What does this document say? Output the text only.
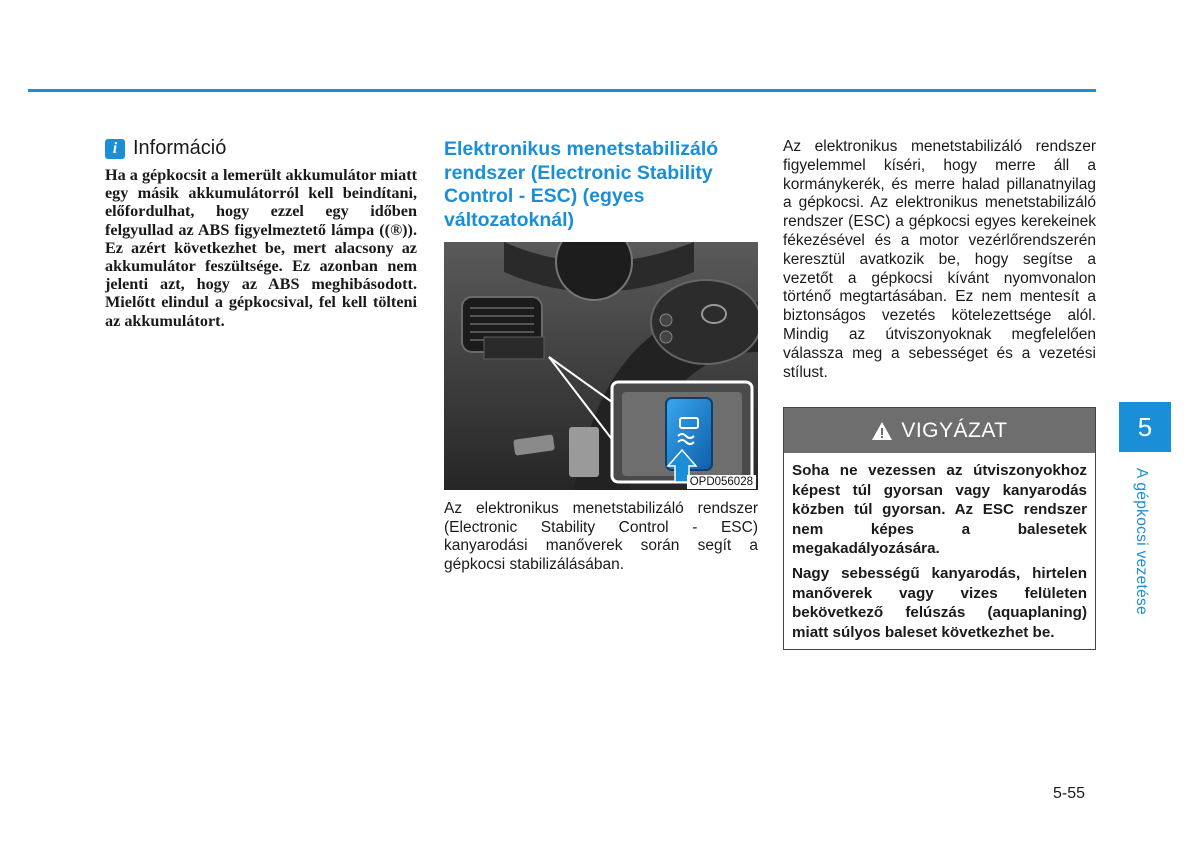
i Információ

Ha a gépkocsit a lemerült akkumulátor miatt egy másik akkumulátorról kell beindítani, előfordulhat, hogy ezzel egy időben felgyullad az ABS figyelmeztető lámpa ((®)). Ez azért következhet be, mert alacsony az akkumulátor feszültsége. Ez azonban nem jelenti azt, hogy az ABS meghibásodott. Mielőtt elindul a gépkocsival, fel kell tölteni az akkumulátort.

Elektronikus menetstabilizáló rendszer (Electronic Stability Control - ESC) (egyes változatoknál)
OPD056028

Az elektronikus menetstabilizáló rendszer (Electronic Stability Control - ESC) kanyarodási manőverek során segít a gépkocsi stabilizálásában.

Az elektronikus menetstabilizáló rendszer figyelemmel kíséri, hogy merre áll a kormánykerék, és merre halad pillanatnyilag a gépkocsi. Az elektronikus menetstabilizáló rendszer (ESC) a gépkocsi egyes kerekeinek fékezésével és a motor vezérlőrendszerén keresztül avatkozik be, hogy segítse a vezetőt a gépkocsi kívánt nyomvonalon történő megtartásában. Ez nem mentesít a biztonságos vezetés kötelezettsége alól. Mindig az útviszonyoknak megfelelően válassza meg a sebességet és a vezetési stílust.

VIGYÁZAT

Soha ne vezessen az útviszonyokhoz képest túl gyorsan vagy kanyarodás közben túl gyorsan. Az ESC rendszer nem képes a balesetek megakadályozására.

Nagy sebességű kanyarodás, hirtelen manőverek vagy vizes felületen bekövetkező felúszás (aquaplaning) miatt súlyos baleset következhet be.

5
A gépkocsi vezetése
5-55
